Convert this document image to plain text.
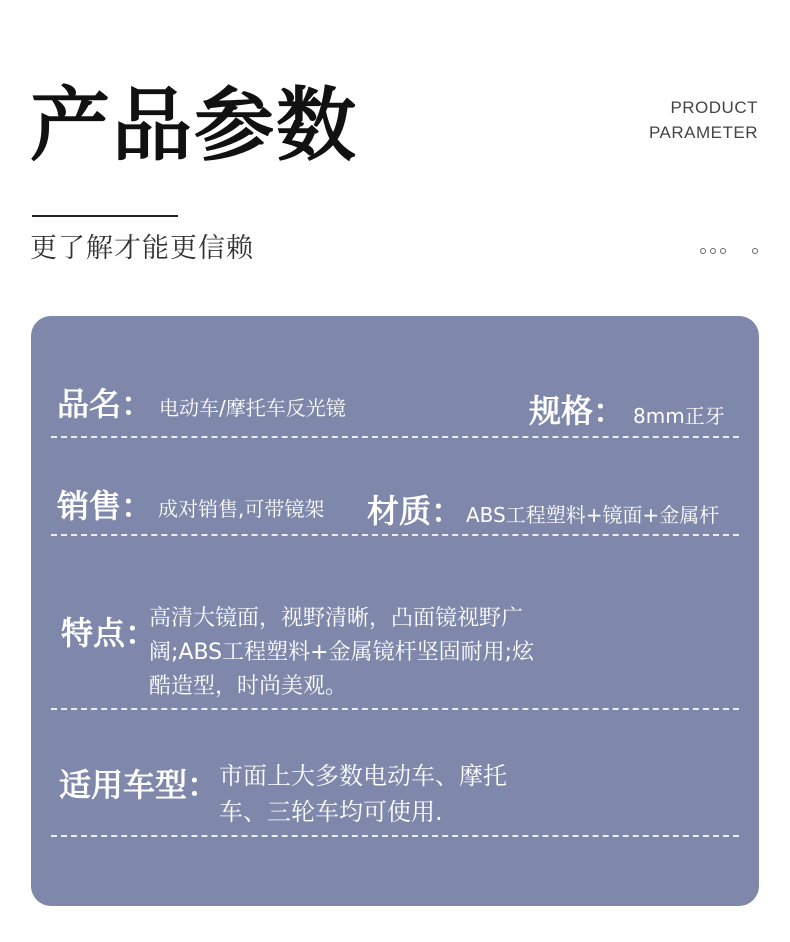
产品参数	PRODUCT
PARAMETER
更了解才能更信赖
品名： 电动车/摩托车反光镜	规格： 8mm正牙
销售： 成对销售,可带镜架 材质： ABS工程塑料+镜面+金属杆
特点：
高清大镜面，视野清晰，凸面镜视野广
阔;ABS工程塑料+金属镜杆坚固耐用;炫
酷造型，时尚美观。
适用车型： 市面上大多数电动车、摩托
车、三轮车均可使用.
